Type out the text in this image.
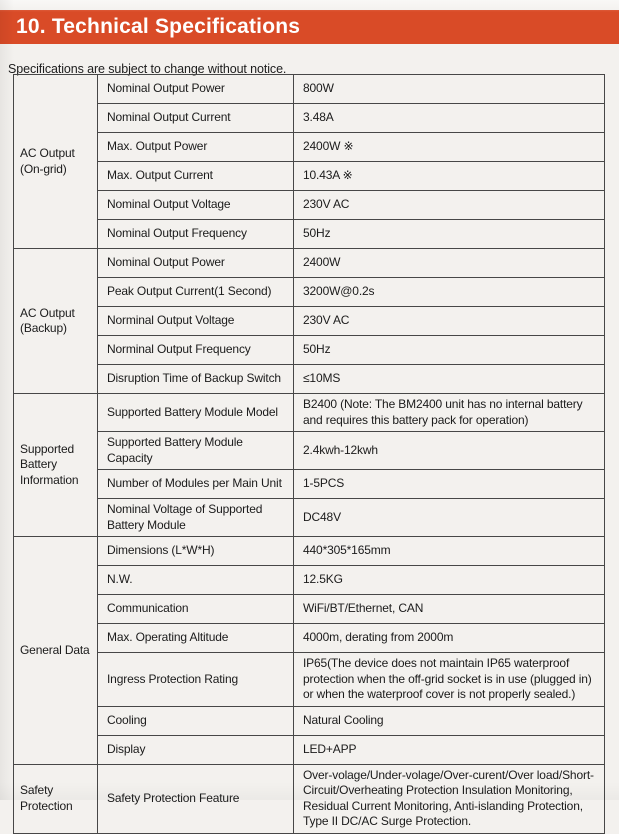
10. Technical Specifications

Specifications are subject to change without notice.

AC Output (On-grid)	Nominal Output Power	800W
	Nominal Output Current	3.48A
	Max. Output Power	2400W ※
	Max. Output Current	10.43A ※
	Nominal Output Voltage	230V AC
	Nominal Output Frequency	50Hz
AC Output (Backup)	Nominal Output Power	2400W
	Peak Output Current(1 Second)	3200W@0.2s
	Norminal Output Voltage	230V AC
	Norminal Output Frequency	50Hz
	Disruption Time of Backup Switch	≤10MS
Supported Battery Information	Supported Battery Module Model	B2400 (Note: The BM2400 unit has no internal battery and requires this battery pack for operation)
	Supported Battery Module Capacity	2.4kwh-12kwh
	Number of Modules per Main Unit	1-5PCS
	Nominal Voltage of Supported Battery Module	DC48V
General Data	Dimensions (L*W*H)	440*305*165mm
	N.W.	12.5KG
	Communication	WiFi/BT/Ethernet, CAN
	Max. Operating Altitude	4000m, derating from 2000m
	Ingress Protection Rating	IP65(The device does not maintain IP65 waterproof protection when the off-grid socket is in use (plugged in) or when the waterproof cover is not properly sealed.)
	Cooling	Natural Cooling
	Display	LED+APP
Safety Protection	Safety Protection Feature	Over-volage/Under-volage/Over-curent/Over load/Short-Circuit/Overheating Protection Insulation Monitoring, Residual Current Monitoring, Anti-islanding Protection, Type II DC/AC Surge Protection.
